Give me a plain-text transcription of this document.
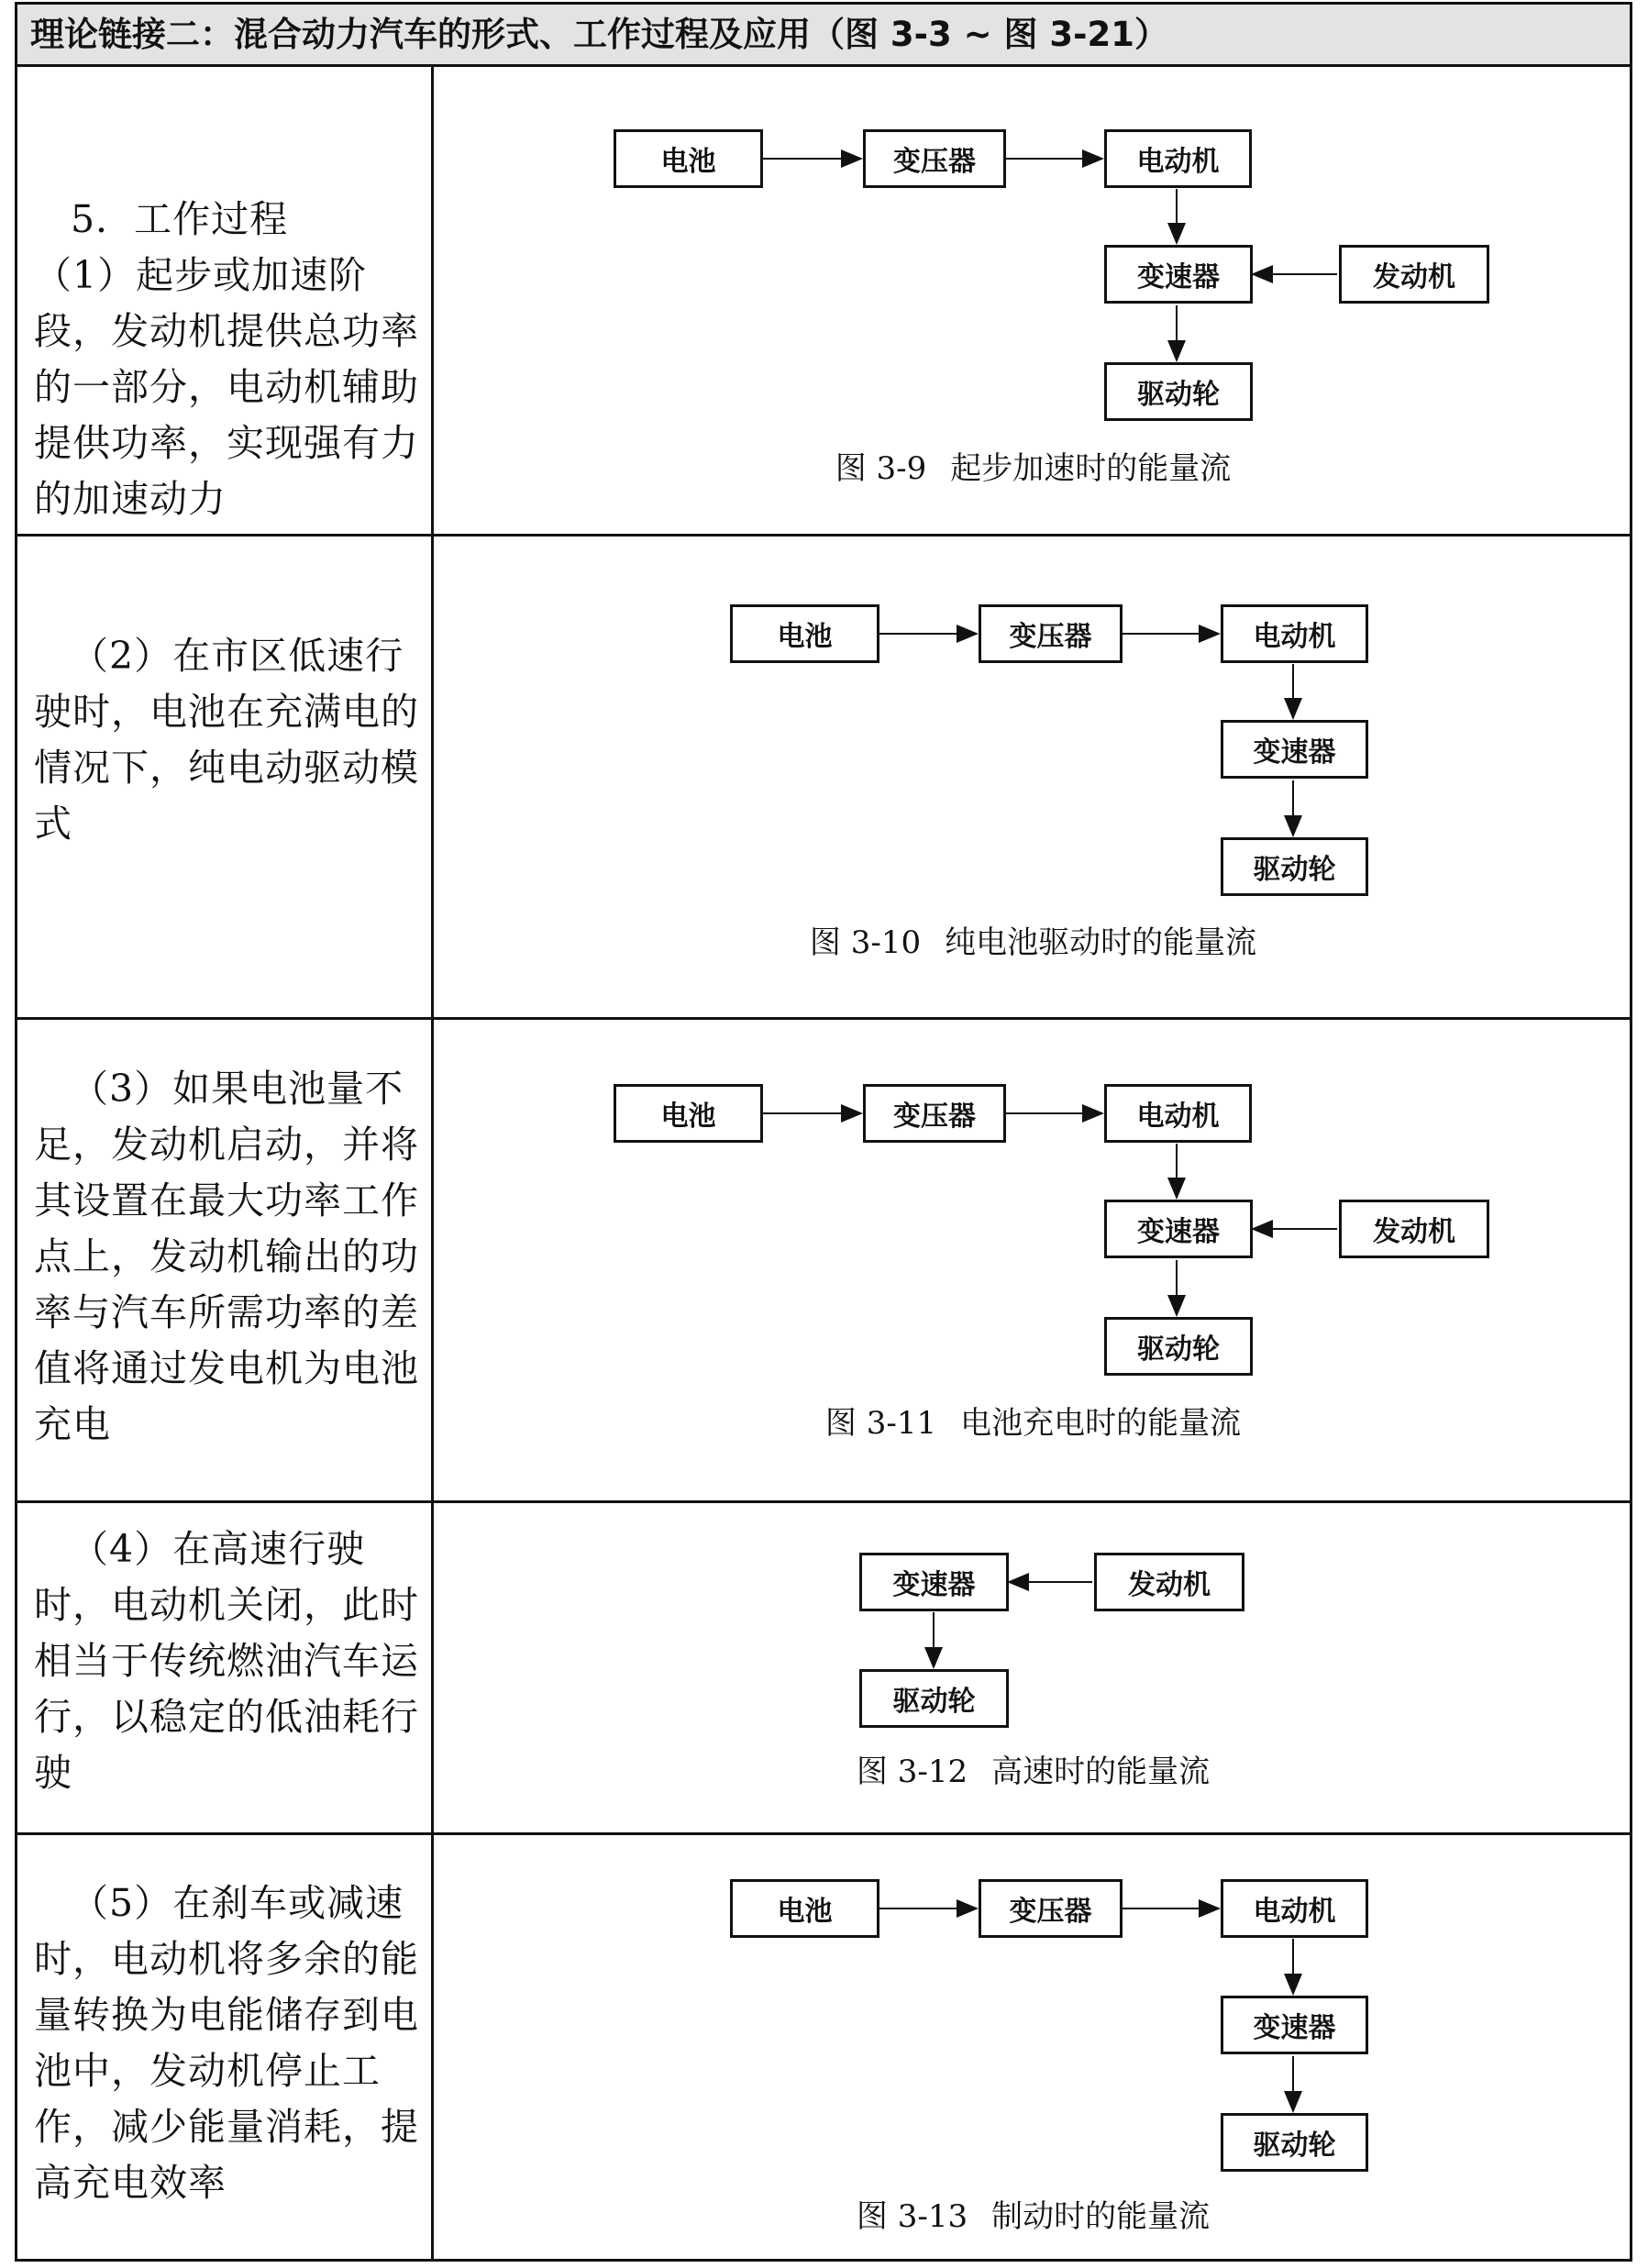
理论链接二：混合动力汽车的形式、工作过程及应用（图 3-3 ~ 图 3-21）

5．工作过程
（1）起步或加速阶段，发动机提供总功率的一部分，电动机辅助提供功率，实现强有力的加速动力

电池	变压器	电动机
变速器	发动机
驱动轮
图 3-9 起步加速时的能量流
（2）在市区低速行驶时，电池在充满电的情况下，纯电动驱动模式
电池	变压器	电动机
变速器
驱动轮
图 3-10 纯电池驱动时的能量流
（3）如果电池量不足，发动机启动，并将其设置在最大功率工作点上，发动机输出的功率与汽车所需功率的差值将通过发电机为电池充电
电池	变压器	电动机
变速器	发动机
驱动轮
图 3-11 电池充电时的能量流
（4）在高速行驶时，电动机关闭，此时相当于传统燃油汽车运行，以稳定的低油耗行驶
变速器	发动机
驱动轮
图 3-12 高速时的能量流
（5）在刹车或减速时，电动机将多余的能量转换为电能储存到电池中，发动机停止工作，减少能量消耗，提高充电效率
电池	变压器	电动机
变速器
驱动轮
图 3-13 制动时的能量流
